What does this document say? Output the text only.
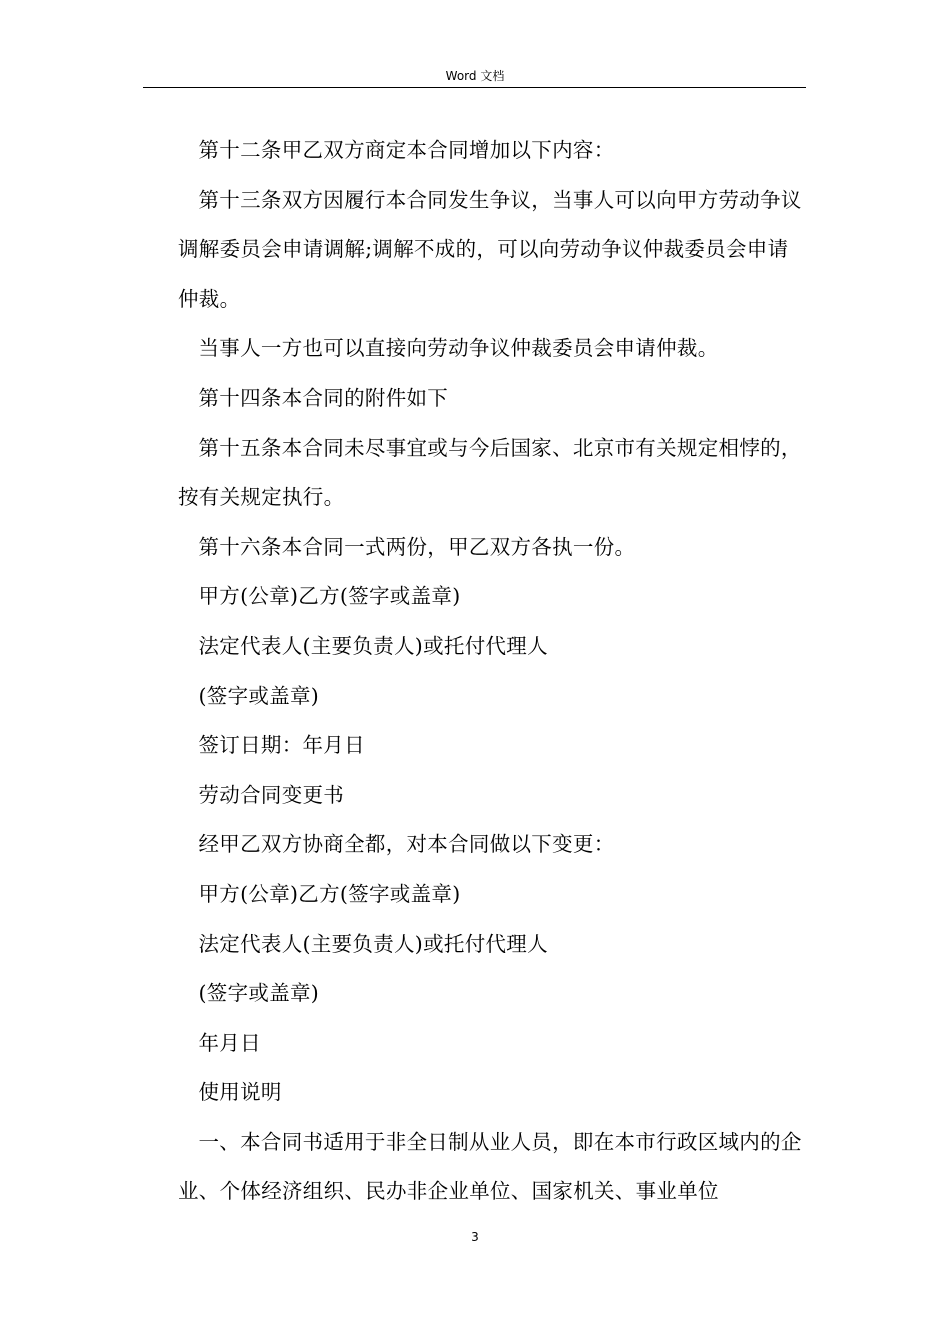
Word 文档

第十二条甲乙双方商定本合同增加以下内容：

第十三条双方因履行本合同发生争议，当事人可以向甲方劳动争议调解委员会申请调解;调解不成的，可以向劳动争议仲裁委员会申请仲裁。

当事人一方也可以直接向劳动争议仲裁委员会申请仲裁。

第十四条本合同的附件如下

第十五条本合同未尽事宜或与今后国家、北京市有关规定相悖的，按有关规定执行。

第十六条本合同一式两份，甲乙双方各执一份。

甲方(公章)乙方(签字或盖章)

法定代表人(主要负责人)或托付代理人

(签字或盖章)

签订日期：年月日

劳动合同变更书

经甲乙双方协商全都，对本合同做以下变更：

甲方(公章)乙方(签字或盖章)

法定代表人(主要负责人)或托付代理人

(签字或盖章)

年月日

使用说明

一、本合同书适用于非全日制从业人员，即在本市行政区域内的企业、个体经济组织、民办非企业单位、国家机关、事业单位

3
